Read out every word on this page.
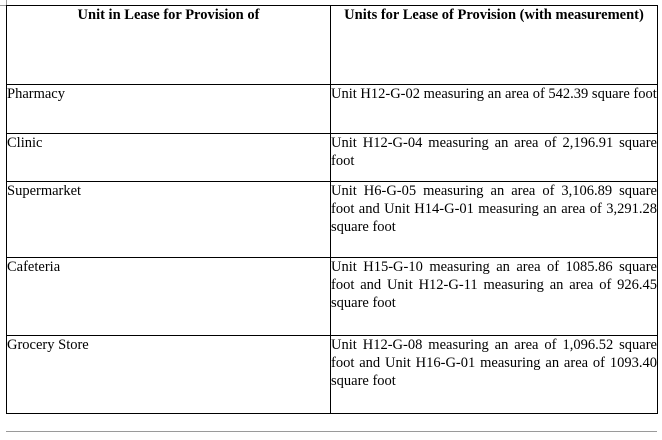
Unit in Lease for Provision of	Units for Lease of Provision (with measurement)
Pharmacy	Unit H12-G-02 measuring an area of 542.39 square foot
Clinic	Unit H12-G-04 measuring an area of 2,196.91 square foot
Supermarket	Unit H6-G-05 measuring an area of 3,106.89 square foot and Unit H14-G-01 measuring an area of 3,291.28 square foot
Cafeteria	Unit H15-G-10 measuring an area of 1085.86 square foot and Unit H12-G-11 measuring an area of 926.45 square foot
Grocery Store	Unit H12-G-08 measuring an area of 1,096.52 square foot and Unit H16-G-01 measuring an area of 1093.40 square foot
